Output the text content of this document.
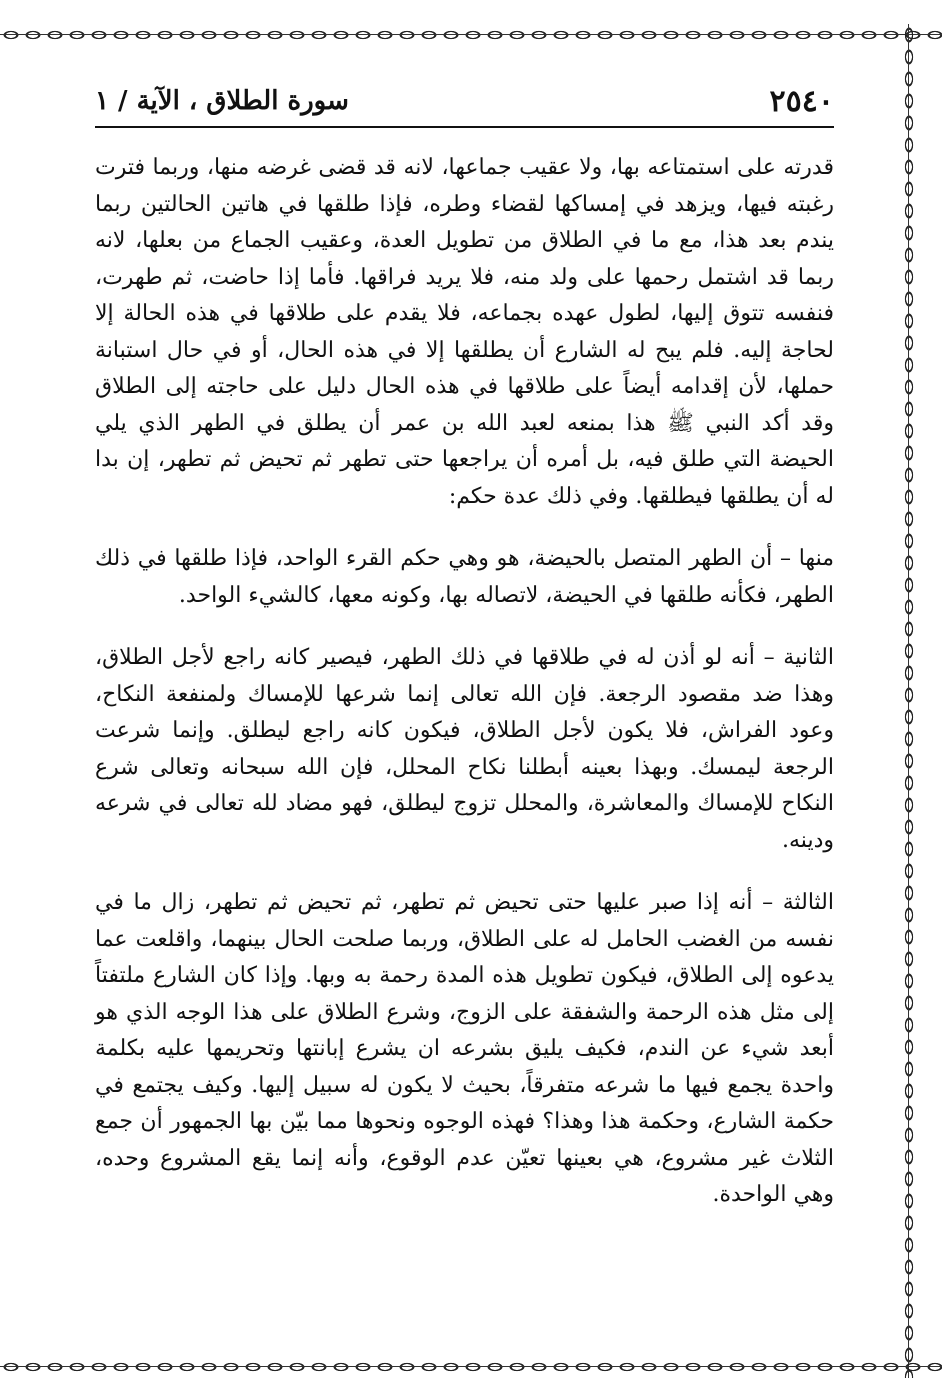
٢٥٤٠
سورة الطلاق ، الآية / ١

قدرته على استمتاعه بها، ولا عقيب جماعها، لانه قد قضى غرضه منها، وربما فترت رغبته فيها، ويزهد في إمساكها لقضاء وطره، فإذا طلقها في هاتين الحالتين ربما يندم بعد هذا، مع ما في الطلاق من تطويل العدة، وعقيب الجماع من بعلها، لانه ربما قد اشتمل رحمها على ولد منه، فلا يريد فراقها. فأما إذا حاضت، ثم طهرت، فنفسه تتوق إليها، لطول عهده بجماعه، فلا يقدم على طلاقها في هذه الحالة إلا لحاجة إليه. فلم يبح له الشارع أن يطلقها إلا في هذه الحال، أو في حال استبانة حملها، لأن إقدامه أيضاً على طلاقها في هذه الحال دليل على حاجته إلى الطلاق وقد أكد النبي ﷺ هذا بمنعه لعبد الله بن عمر أن يطلق في الطهر الذي يلي الحيضة التي طلق فيه، بل أمره أن يراجعها حتى تطهر ثم تحيض ثم تطهر، إن بدا له أن يطلقها فيطلقها. وفي ذلك عدة حكم:

منها – أن الطهر المتصل بالحيضة، هو وهي حكم القرء الواحد، فإذا طلقها في ذلك الطهر، فكأنه طلقها في الحيضة، لاتصاله بها، وكونه معها، كالشيء الواحد.

الثانية – أنه لو أذن له في طلاقها في ذلك الطهر، فيصير كانه راجع لأجل الطلاق، وهذا ضد مقصود الرجعة. فإن الله تعالى إنما شرعها للإمساك ولمنفعة النكاح، وعود الفراش، فلا يكون لأجل الطلاق، فيكون كانه راجع ليطلق. وإنما شرعت الرجعة ليمسك. وبهذا بعينه أبطلنا نكاح المحلل، فإن الله سبحانه وتعالى شرع النكاح للإمساك والمعاشرة، والمحلل تزوج ليطلق، فهو مضاد لله تعالى في شرعه ودينه.

الثالثة – أنه إذا صبر عليها حتى تحيض ثم تطهر، ثم تحيض ثم تطهر، زال ما في نفسه من الغضب الحامل له على الطلاق، وربما صلحت الحال بينهما، واقلعت عما يدعوه إلى الطلاق، فيكون تطويل هذه المدة رحمة به وبها. وإذا كان الشارع ملتفتاً إلى مثل هذه الرحمة والشفقة على الزوج، وشرع الطلاق على هذا الوجه الذي هو أبعد شيء عن الندم، فكيف يليق بشرعه ان يشرع إبانتها وتحريمها عليه بكلمة واحدة يجمع فيها ما شرعه متفرقاً، بحيث لا يكون له سبيل إليها. وكيف يجتمع في حكمة الشارع، وحكمة هذا وهذا؟ فهذه الوجوه ونحوها مما بيّن بها الجمهور أن جمع الثلاث غير مشروع، هي بعينها تعيّن عدم الوقوع، وأنه إنما يقع المشروع وحده، وهي الواحدة.
